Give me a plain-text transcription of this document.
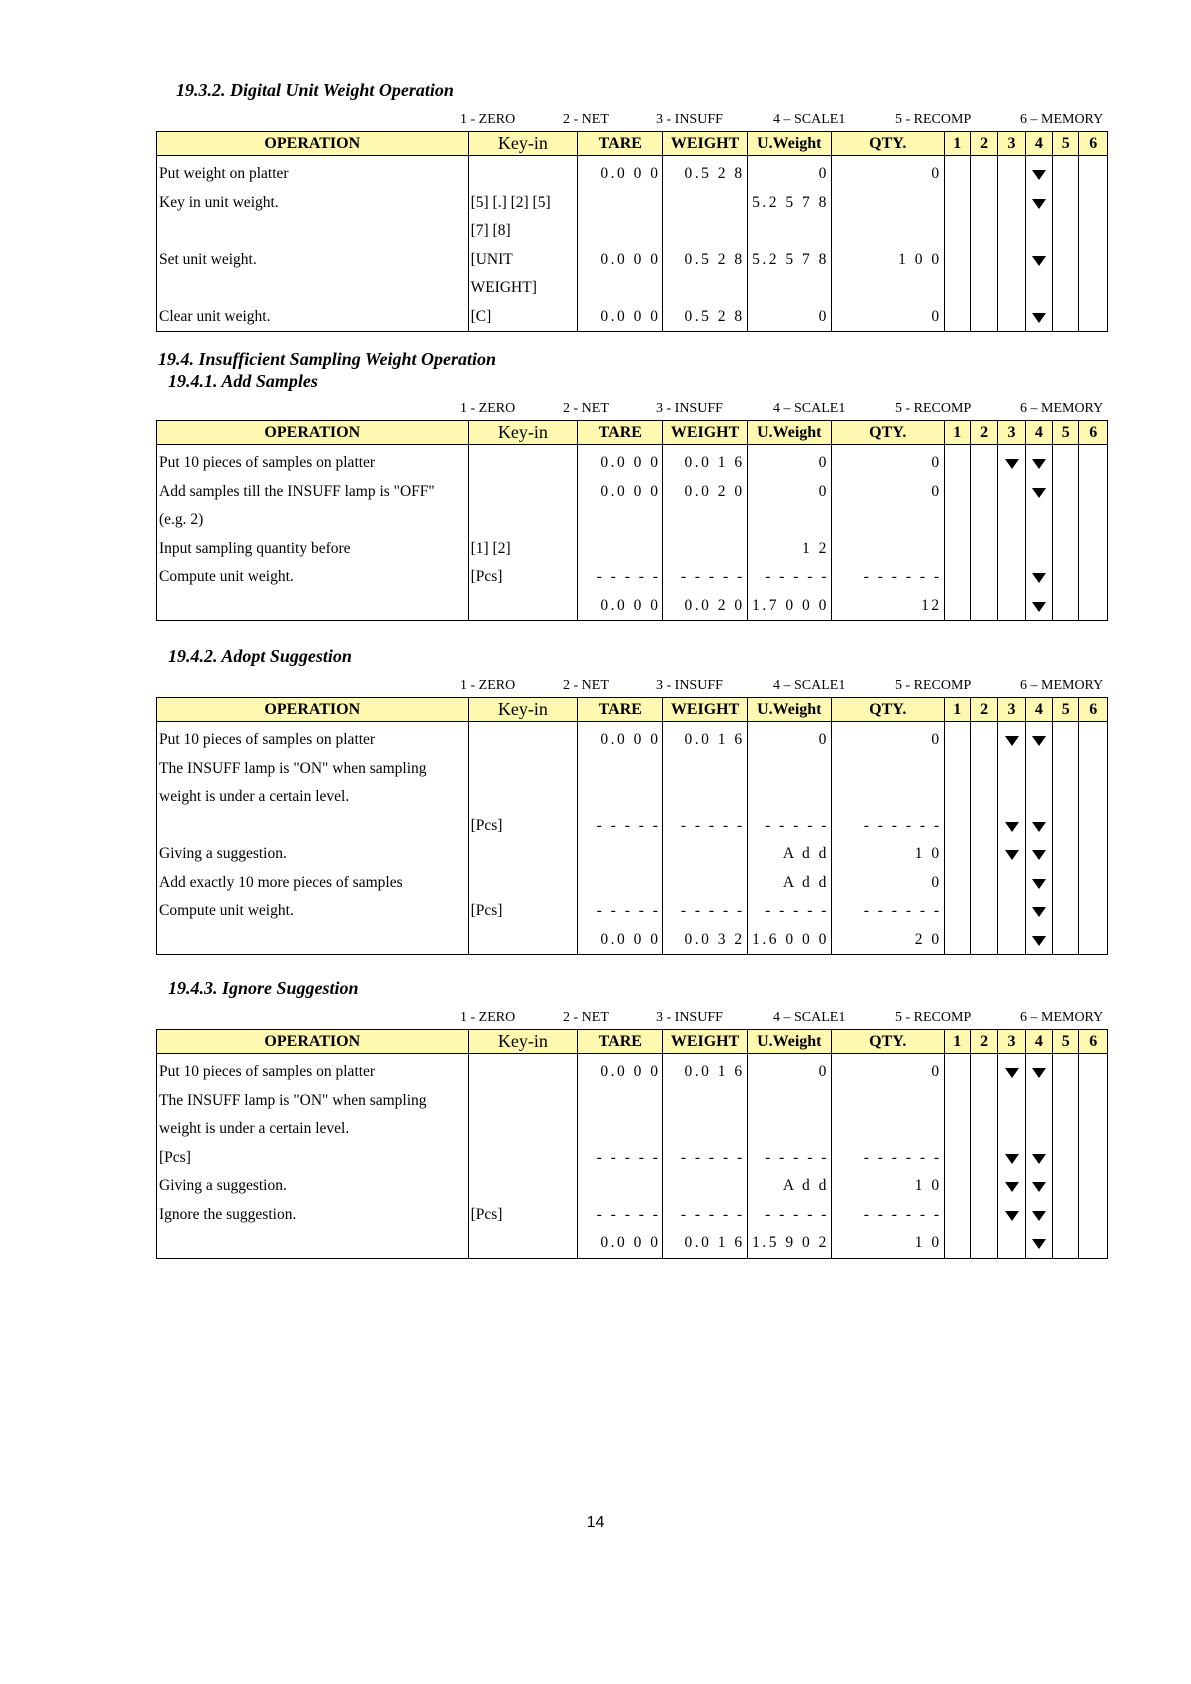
19.3.2. Digital Unit Weight Operation
1 - ZERO	2 - NET	3 - INSUFF	4 – SCALE1	5 - RECOMP	6 – MEMORY
OPERATION	Key-in	TARE	WEIGHT	U.Weight	QTY.	1	2	3	4	5	6
Put weight on platter		0.0 0 0	0.5 2 8	0	0						
Key in unit weight.	[5] [.] [2] [5]			5.2 5 7 8							
	[7] [8]										
Set unit weight.	[UNIT	0.0 0 0	0.5 2 8	5.2 5 7 8	1 0 0						
	WEIGHT]										
Clear unit weight.	[C]	0.0 0 0	0.5 2 8	0	0						
19.4. Insufficient Sampling Weight Operation
19.4.1. Add Samples
1 - ZERO	2 - NET	3 - INSUFF	4 – SCALE1	5 - RECOMP	6 – MEMORY
OPERATION	Key-in	TARE	WEIGHT	U.Weight	QTY.	1	2	3	4	5	6
Put 10 pieces of samples on platter		0.0 0 0	0.0 1 6	0	0						
Add samples till the INSUFF lamp is "OFF"		0.0 0 0	0.0 2 0	0	0						
(e.g. 2)											
Input sampling quantity before	[1] [2]			1 2							
Compute unit weight.	[Pcs]	- - - - -	- - - - -	- - - - -	- - - - - -						
		0.0 0 0	0.0 2 0	1.7 0 0 0	12						
19.4.2. Adopt Suggestion
1 - ZERO	2 - NET	3 - INSUFF	4 – SCALE1	5 - RECOMP	6 – MEMORY
OPERATION	Key-in	TARE	WEIGHT	U.Weight	QTY.	1	2	3	4	5	6
Put 10 pieces of samples on platter		0.0 0 0	0.0 1 6	0	0						
The INSUFF lamp is "ON" when sampling											
weight is under a certain level.											
	[Pcs]	- - - - -	- - - - -	- - - - -	- - - - - -						
Giving a suggestion.				A d d	1 0						
Add exactly 10 more pieces of samples				A d d	0						
Compute unit weight.	[Pcs]	- - - - -	- - - - -	- - - - -	- - - - - -						
		0.0 0 0	0.0 3 2	1.6 0 0 0	2 0						
19.4.3. Ignore Suggestion
1 - ZERO	2 - NET	3 - INSUFF	4 – SCALE1	5 - RECOMP	6 – MEMORY
OPERATION	Key-in	TARE	WEIGHT	U.Weight	QTY.	1	2	3	4	5	6
Put 10 pieces of samples on platter		0.0 0 0	0.0 1 6	0	0						
The INSUFF lamp is "ON" when sampling											
weight is under a certain level.											
[Pcs]		- - - - -	- - - - -	- - - - -	- - - - - -						
Giving a suggestion.				A d d	1 0						
Ignore the suggestion.	[Pcs]	- - - - -	- - - - -	- - - - -	- - - - - -						
		0.0 0 0	0.0 1 6	1.5 9 0 2	1 0						
14
